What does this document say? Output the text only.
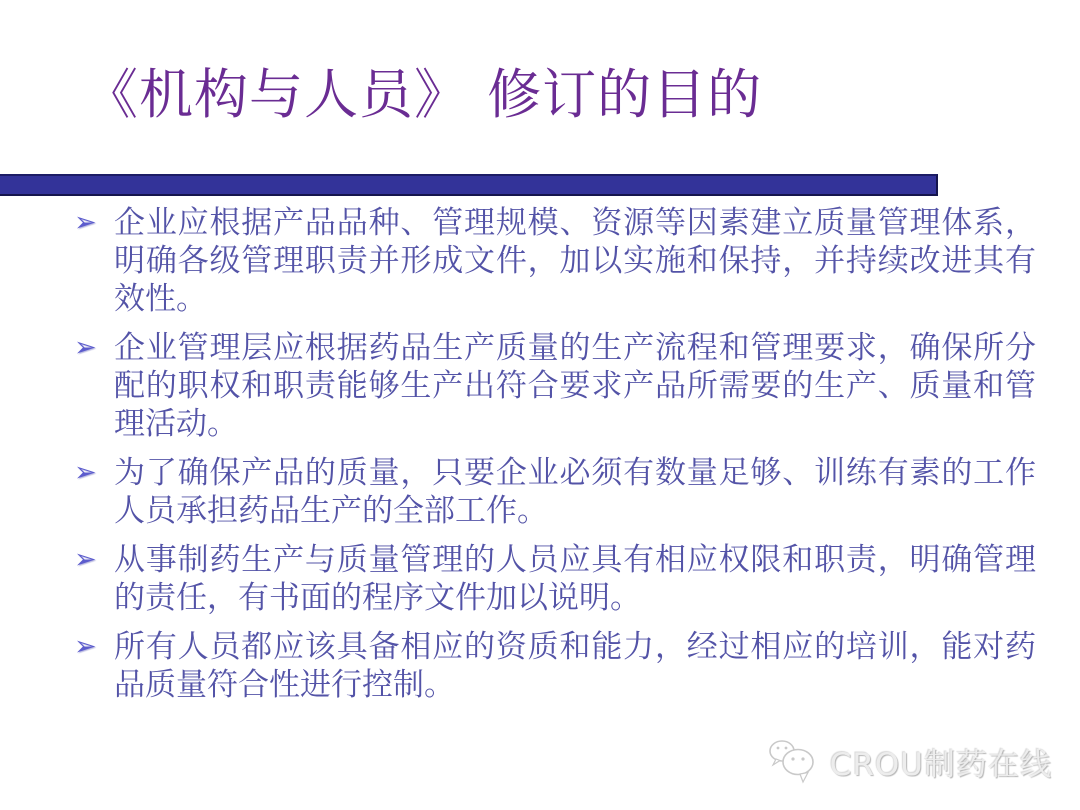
《机构与人员》 修订的目的
➢ 企业应根据产品品种、管理规模、资源等因素建立质量管理体系，明确各级管理职责并形成文件，加以实施和保持，并持续改进其有效性。
➢ 企业管理层应根据药品生产质量的生产流程和管理要求，确保所分配的职权和职责能够生产出符合要求产品所需要的生产、质量和管理活动。
➢ 为了确保产品的质量，只要企业必须有数量足够、训练有素的工作人员承担药品生产的全部工作。
➢ 从事制药生产与质量管理的人员应具有相应权限和职责，明确管理的责任，有书面的程序文件加以说明。
➢ 所有人员都应该具备相应的资质和能力，经过相应的培训，能对药品质量符合性进行控制。
CROU制药在线
